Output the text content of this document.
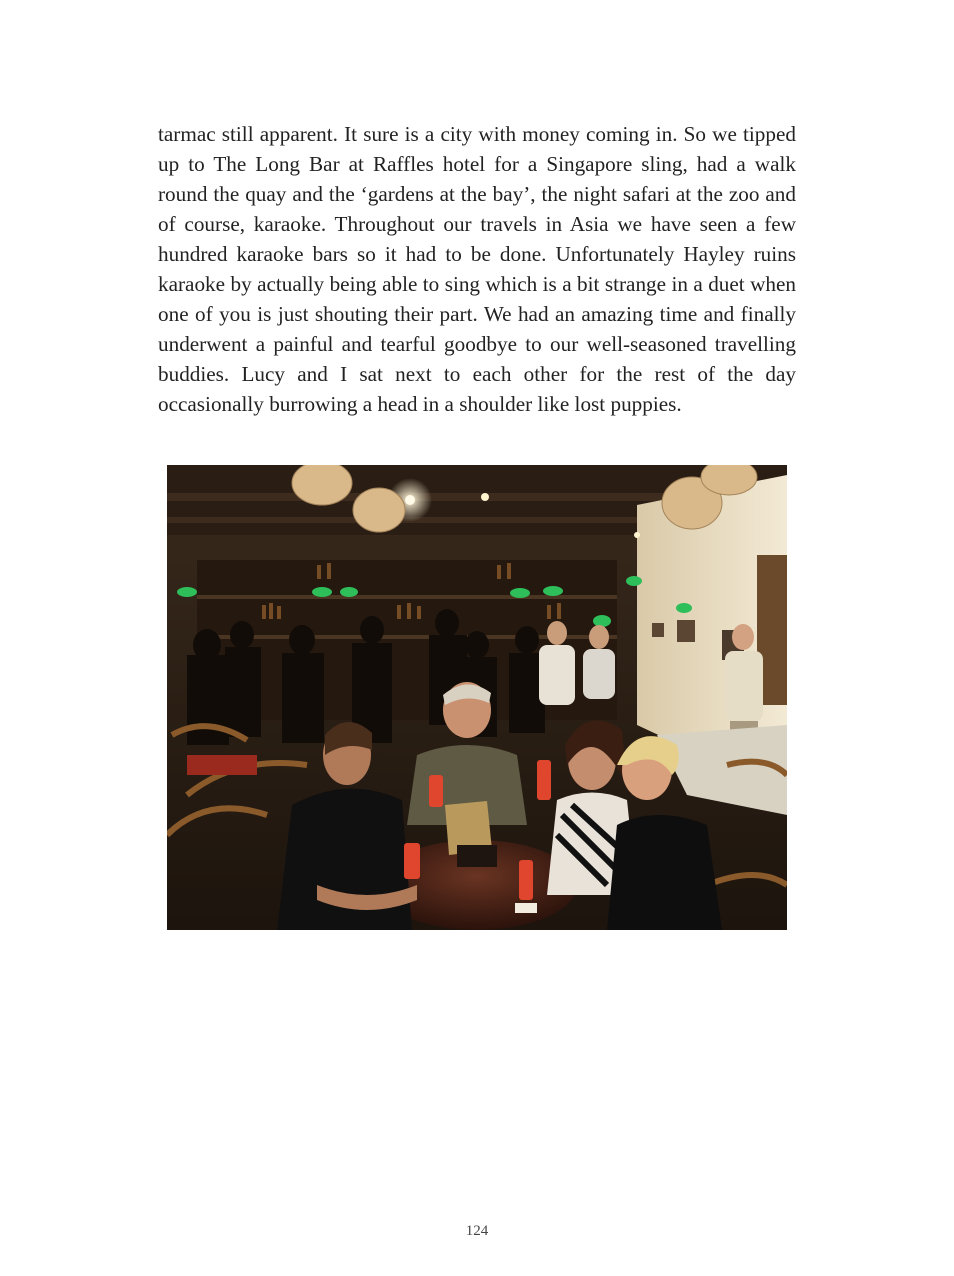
tarmac still apparent. It sure is a city with money coming in. So we tipped up to The Long Bar at Raffles hotel for a Singapore sling, had a walk round the quay and the ‘gardens at the bay’, the night safari at the zoo and of course, karaoke. Throughout our travels in Asia we have seen a few hundred karaoke bars so it had to be done. Unfortunately Hayley ruins karaoke by actually being able to sing which is a bit strange in a duet when one of you is just shouting their part. We had an amazing time and finally underwent a painful and tearful goodbye to our well-seasoned travelling buddies. Lucy and I sat next to each other for the rest of the day occasionally burrowing a head in a shoulder like lost puppies.

124
